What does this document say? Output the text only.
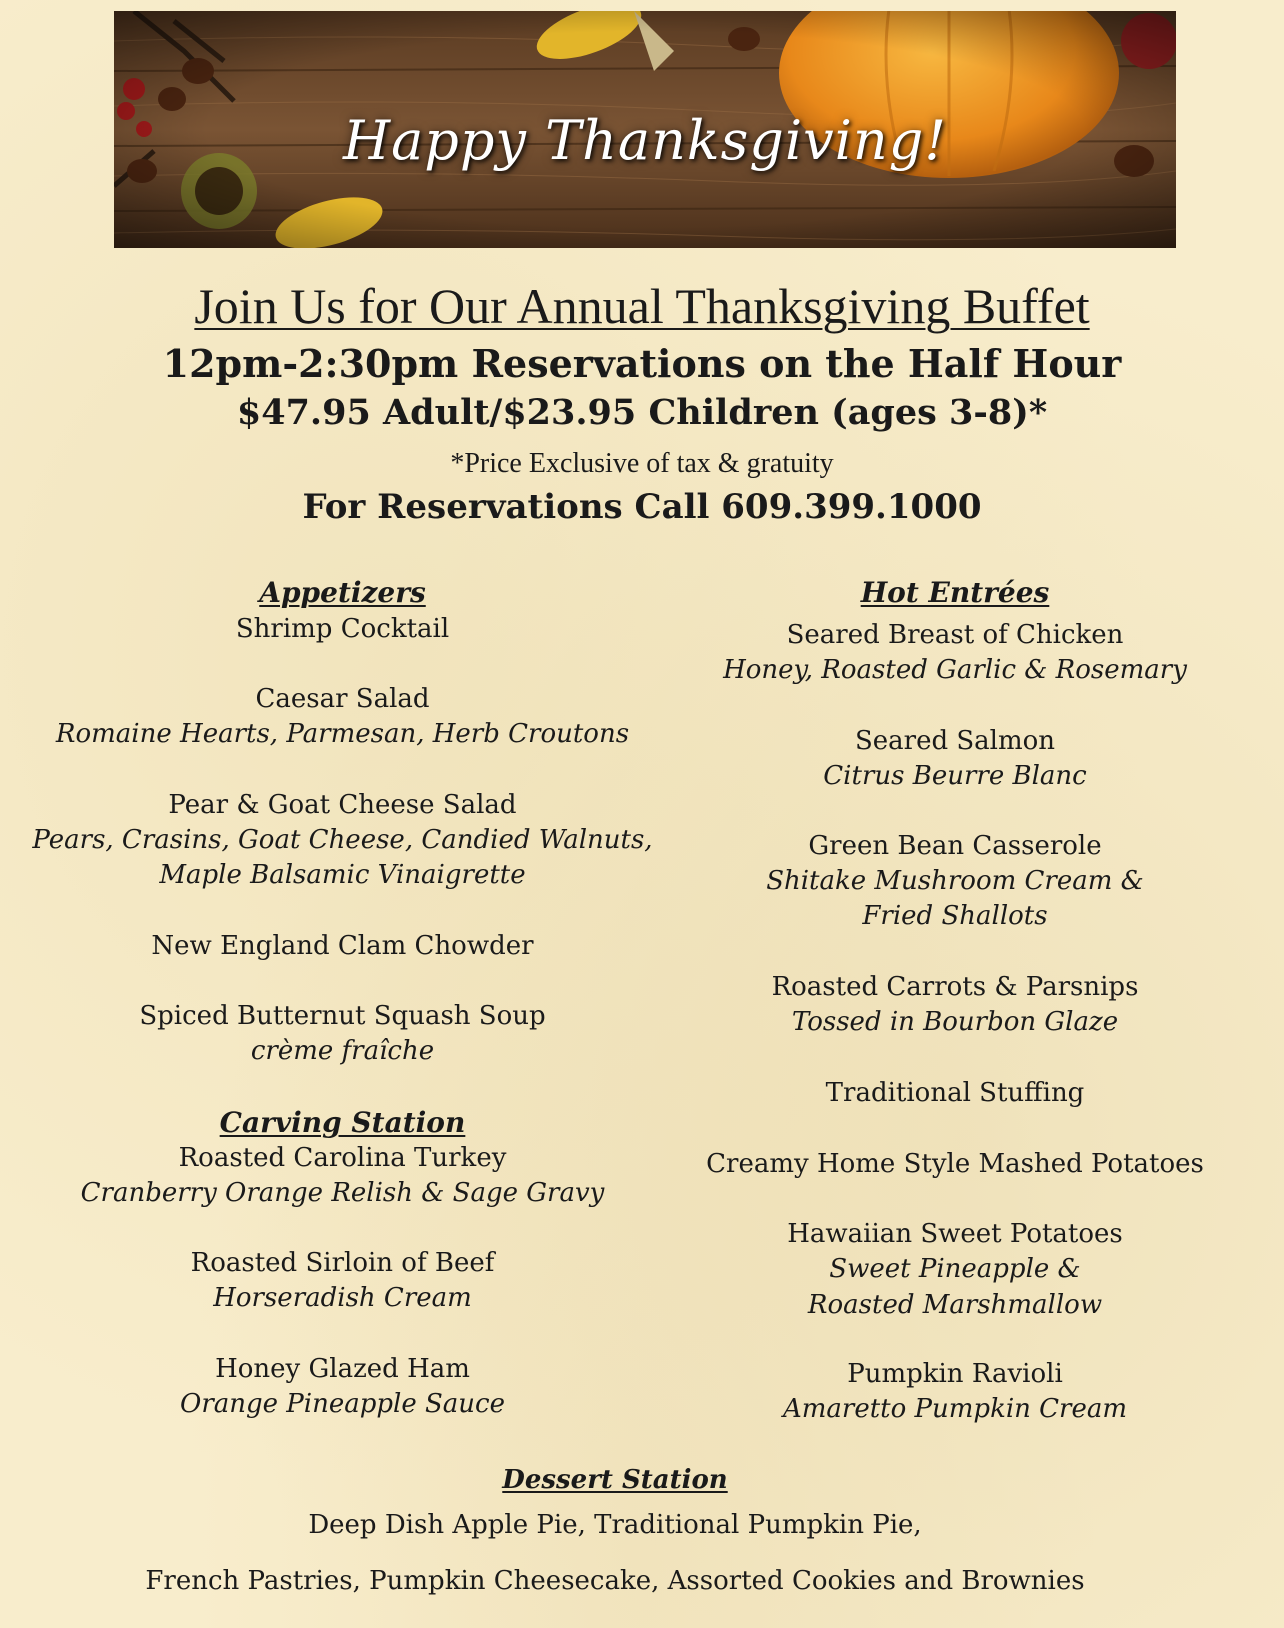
Happy Thanksgiving!
Join Us for Our Annual Thanksgiving Buffet
12pm-2:30pm Reservations on the Half Hour
$47.95 Adult/$23.95 Children (ages 3-8)*
*Price Exclusive of tax & gratuity
For Reservations Call 609.399.1000
Appetizers
Shrimp Cocktail
Caesar Salad
Romaine Hearts, Parmesan, Herb Croutons
Pear & Goat Cheese Salad
Pears, Crasins, Goat Cheese, Candied Walnuts,
Maple Balsamic Vinaigrette
New England Clam Chowder
Spiced Butternut Squash Soup
crème fraîche
Carving Station
Roasted Carolina Turkey
Cranberry Orange Relish & Sage Gravy
Roasted Sirloin of Beef
Horseradish Cream
Honey Glazed Ham
Orange Pineapple Sauce
Hot Entrées
Seared Breast of Chicken
Honey, Roasted Garlic & Rosemary
Seared Salmon
Citrus Beurre Blanc
Green Bean Casserole
Shitake Mushroom Cream &
Fried Shallots
Roasted Carrots & Parsnips
Tossed in Bourbon Glaze
Traditional Stuffing
Creamy Home Style Mashed Potatoes
Hawaiian Sweet Potatoes
Sweet Pineapple &
Roasted Marshmallow
Pumpkin Ravioli
Amaretto Pumpkin Cream
Dessert Station
Deep Dish Apple Pie, Traditional Pumpkin Pie,
French Pastries, Pumpkin Cheesecake, Assorted Cookies and Brownies
